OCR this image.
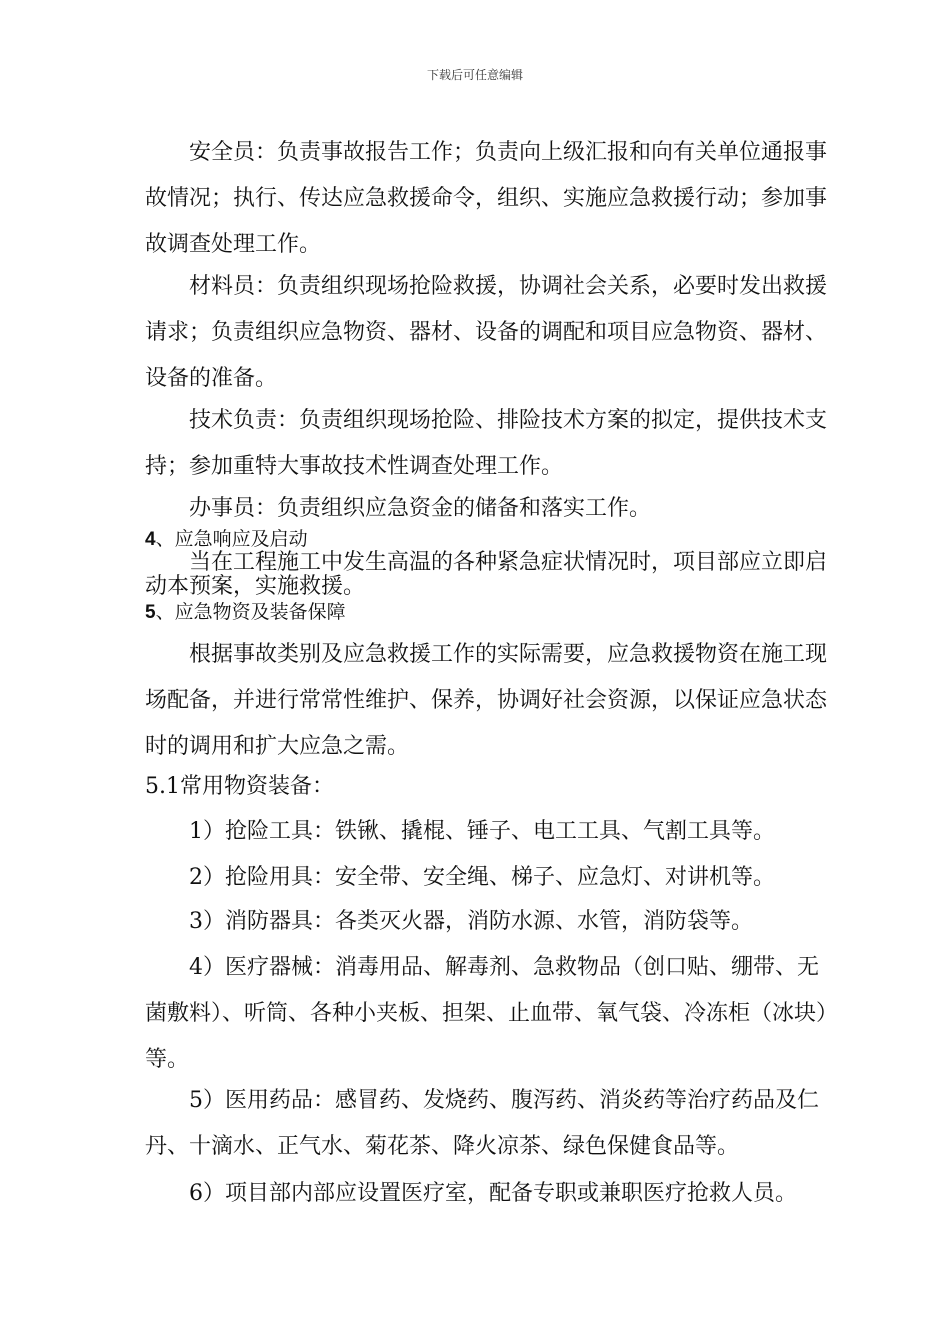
下载后可任意编辑

安全员：负责事故报告工作；负责向上级汇报和向有关单位通报事故情况；执行、传达应急救援命令，组织、实施应急救援行动；参加事故调查处理工作。

材料员：负责组织现场抢险救援，协调社会关系，必要时发出救援请求；负责组织应急物资、器材、设备的调配和项目应急物资、器材、设备的准备。

技术负责：负责组织现场抢险、排险技术方案的拟定，提供技术支持；参加重特大事故技术性调查处理工作。

办事员：负责组织应急资金的储备和落实工作。

4、应急响应及启动

当在工程施工中发生高温的各种紧急症状情况时，项目部应立即启动本预案，实施救援。

5、应急物资及装备保障

根据事故类别及应急救援工作的实际需要，应急救援物资在施工现场配备，并进行常常性维护、保养，协调好社会资源，以保证应急状态时的调用和扩大应急之需。

5.1常用物资装备：

1）抢险工具：铁锹、撬棍、锤子、电工工具、气割工具等。

2）抢险用具：安全带、安全绳、梯子、应急灯、对讲机等。

3）消防器具：各类灭火器，消防水源、水管，消防袋等。

4）医疗器械：消毒用品、解毒剂、急救物品（创口贴、绷带、无菌敷料）、听筒、各种小夹板、担架、止血带、氧气袋、冷冻柜（冰块）等。

5）医用药品：感冒药、发烧药、腹泻药、消炎药等治疗药品及仁丹、十滴水、正气水、菊花茶、降火凉茶、绿色保健食品等。

6）项目部内部应设置医疗室，配备专职或兼职医疗抢救人员。
